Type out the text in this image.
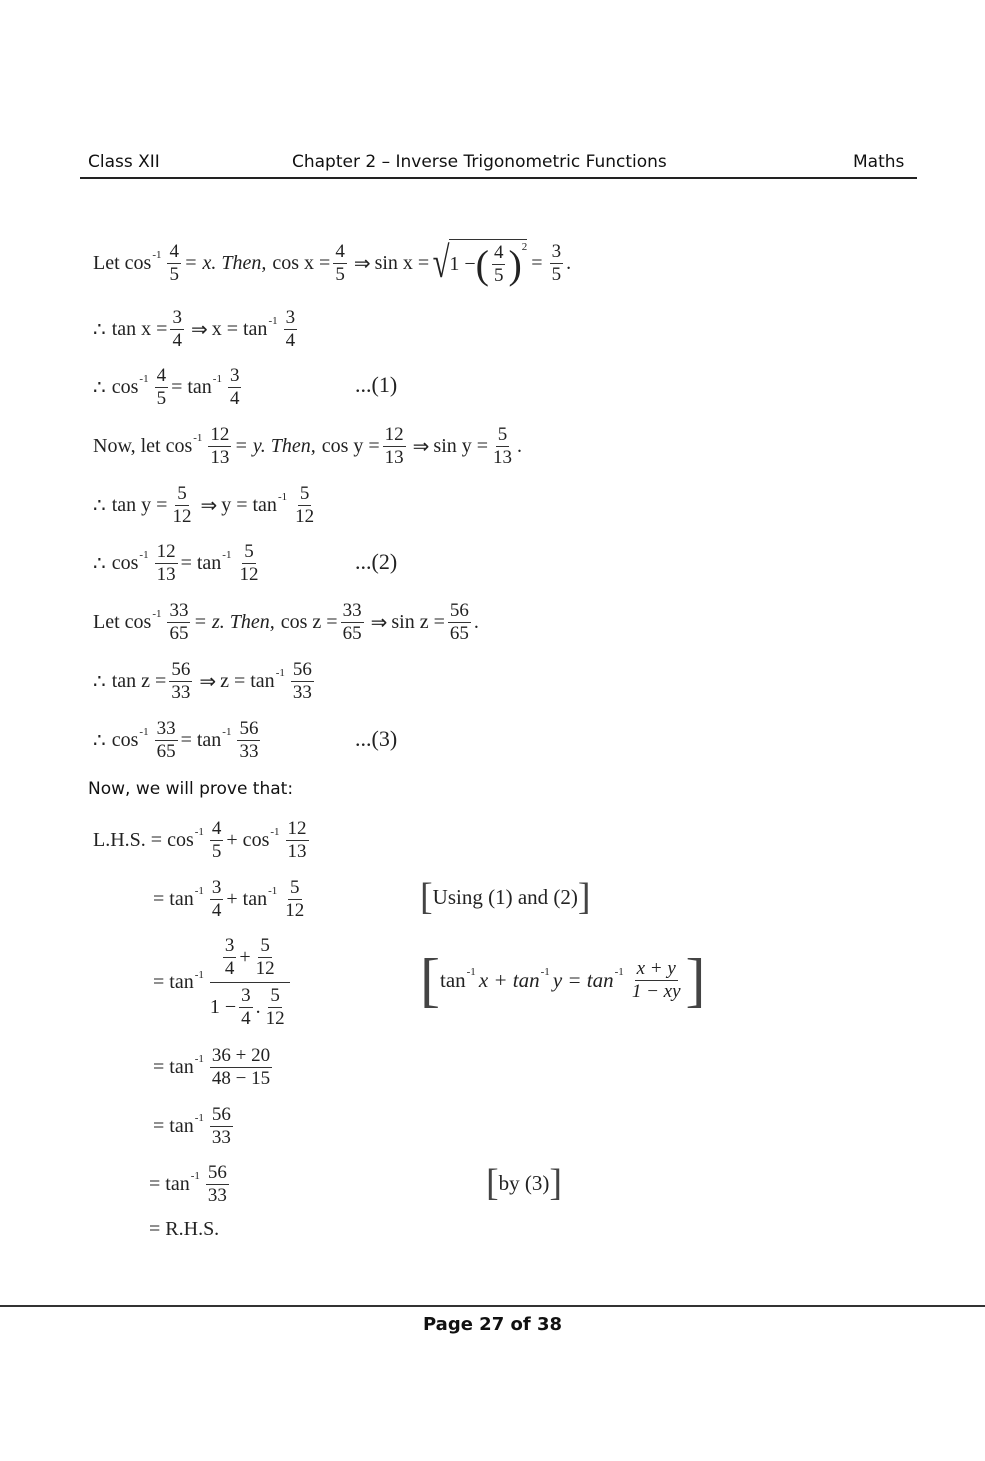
Class XII	Chapter 2 – Inverse Trigonometric Functions	Maths
Let $\cos^{-1} \frac{4}{5} = x$. Then, $\cos x = \frac{4}{5}$ ⇒ sin x = √ 1 − ( $\frac{4}{5} )^2$
= $\frac{3}{5}$ .
∴ $\tan x = \frac{3}{4}$ ⇒ $x = \tan^{-1} \frac{3}{4}$
∴ $\cos^{-1} \frac{4}{5} = \tan^{-1} \frac{3}{4}$	...(1)
Now, let $\cos^{-1} \frac{12}{13} = y$. Then, $\cos y = \frac{12}{13}$ ⇒ $\sin y = \frac{5}{13}$ .
∴ $\tan y = \frac{5}{12}$ ⇒ $y = \tan^{-1} \frac{5}{12}$
∴ $\cos^{-1} \frac{12}{13} = \tan^{-1} \frac{5}{12}$	...(2)
Let $\cos^{-1} \frac{33}{65} = z$. Then, $\cos z = \frac{33}{65}$ ⇒ $\sin z = \frac{56}{65}$ .
∴ $\tan z = \frac{56}{33}$ ⇒ $z = \tan^{-1} \frac{56}{33}$
∴ $\cos^{-1} \frac{33}{65} = \tan^{-1} \frac{56}{33}$	...(3)
Now, we will prove that:
L.H.S. = $\cos^{-1} \frac{4}{5} + \cos^{-1} \frac{12}{13}$
= $\tan^{-1} \frac{3}{4} + \tan^{-1} \frac{5}{12}$	[ Using (1) and (2) ]
= $\tan^{-1} \frac{3}{4} + \frac{5}{12}$
$1 - \frac{3}{4}$ . $\frac{5}{12}$ [ $\tan^{-1} x + \tan^{-1} y = \tan^{-1} \frac{x + y}{1 - xy}$ ]
= $\tan^{-1} \frac{36 + 20}{48 - 15}$
= $\tan^{-1} \frac{56}{33}$
= $\tan^{-1} \frac{56}{33}$	[ by (3) ]
= R.H.S.
Page 27 of 38
